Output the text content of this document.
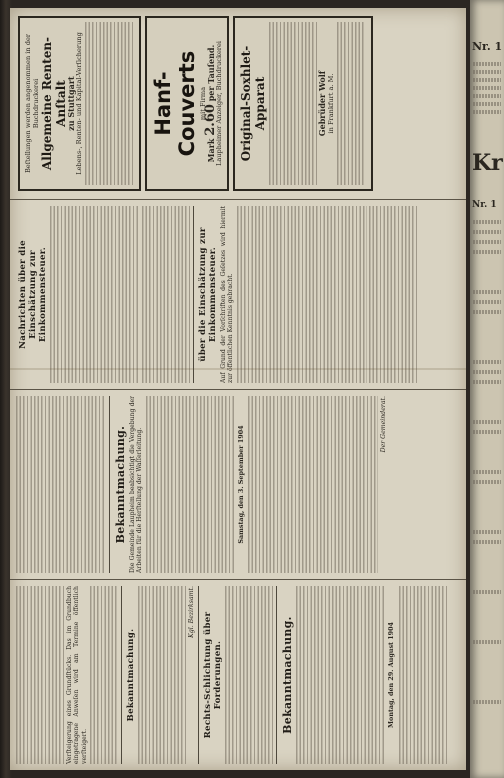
Verſteigerung eines Grundſtücks. Das im Grundbuch eingetragene Anweſen wird am Termine öffentlich verſteigert.
Bekanntmachung.
Kgl. Bezirksamt. Rechts-Schlichtung über Forderungen.	Bekanntmachung.	Montag, den 29. August 1904
Bekanntmachung. Die Gemeinde Laupheim beabsichtigt die Vergebung der Arbeiten für die Herſtellung der Waſſerleitung.	Samstag, den 3. September 1904
Der Gemeinderat.
Nachrichten über die Einschätzung zur Einkommensteuer.	über die Einschätzung zur Einkommensteuer. Auf Grund der Vorſchriften des Geſetzes wird hiermit zur öffentlichen Kenntnis gebracht.
Beſtellungen werden angenommen in der Buchdruckerei Allgemeine Renten-Anſtalt
zu Stuttgart Lebens-, Renten- und Kapital-Verſicherung	Hanf-Couverts mit Firma
Mark 2.60 per Tauſend. Laupheimer Anzeiger, Buchdruckerei Original-Soxhlet-Apparat	Gebrüder Wolf in Frankfurt a. M.
Nr. 1
Kr
Nr. 1
